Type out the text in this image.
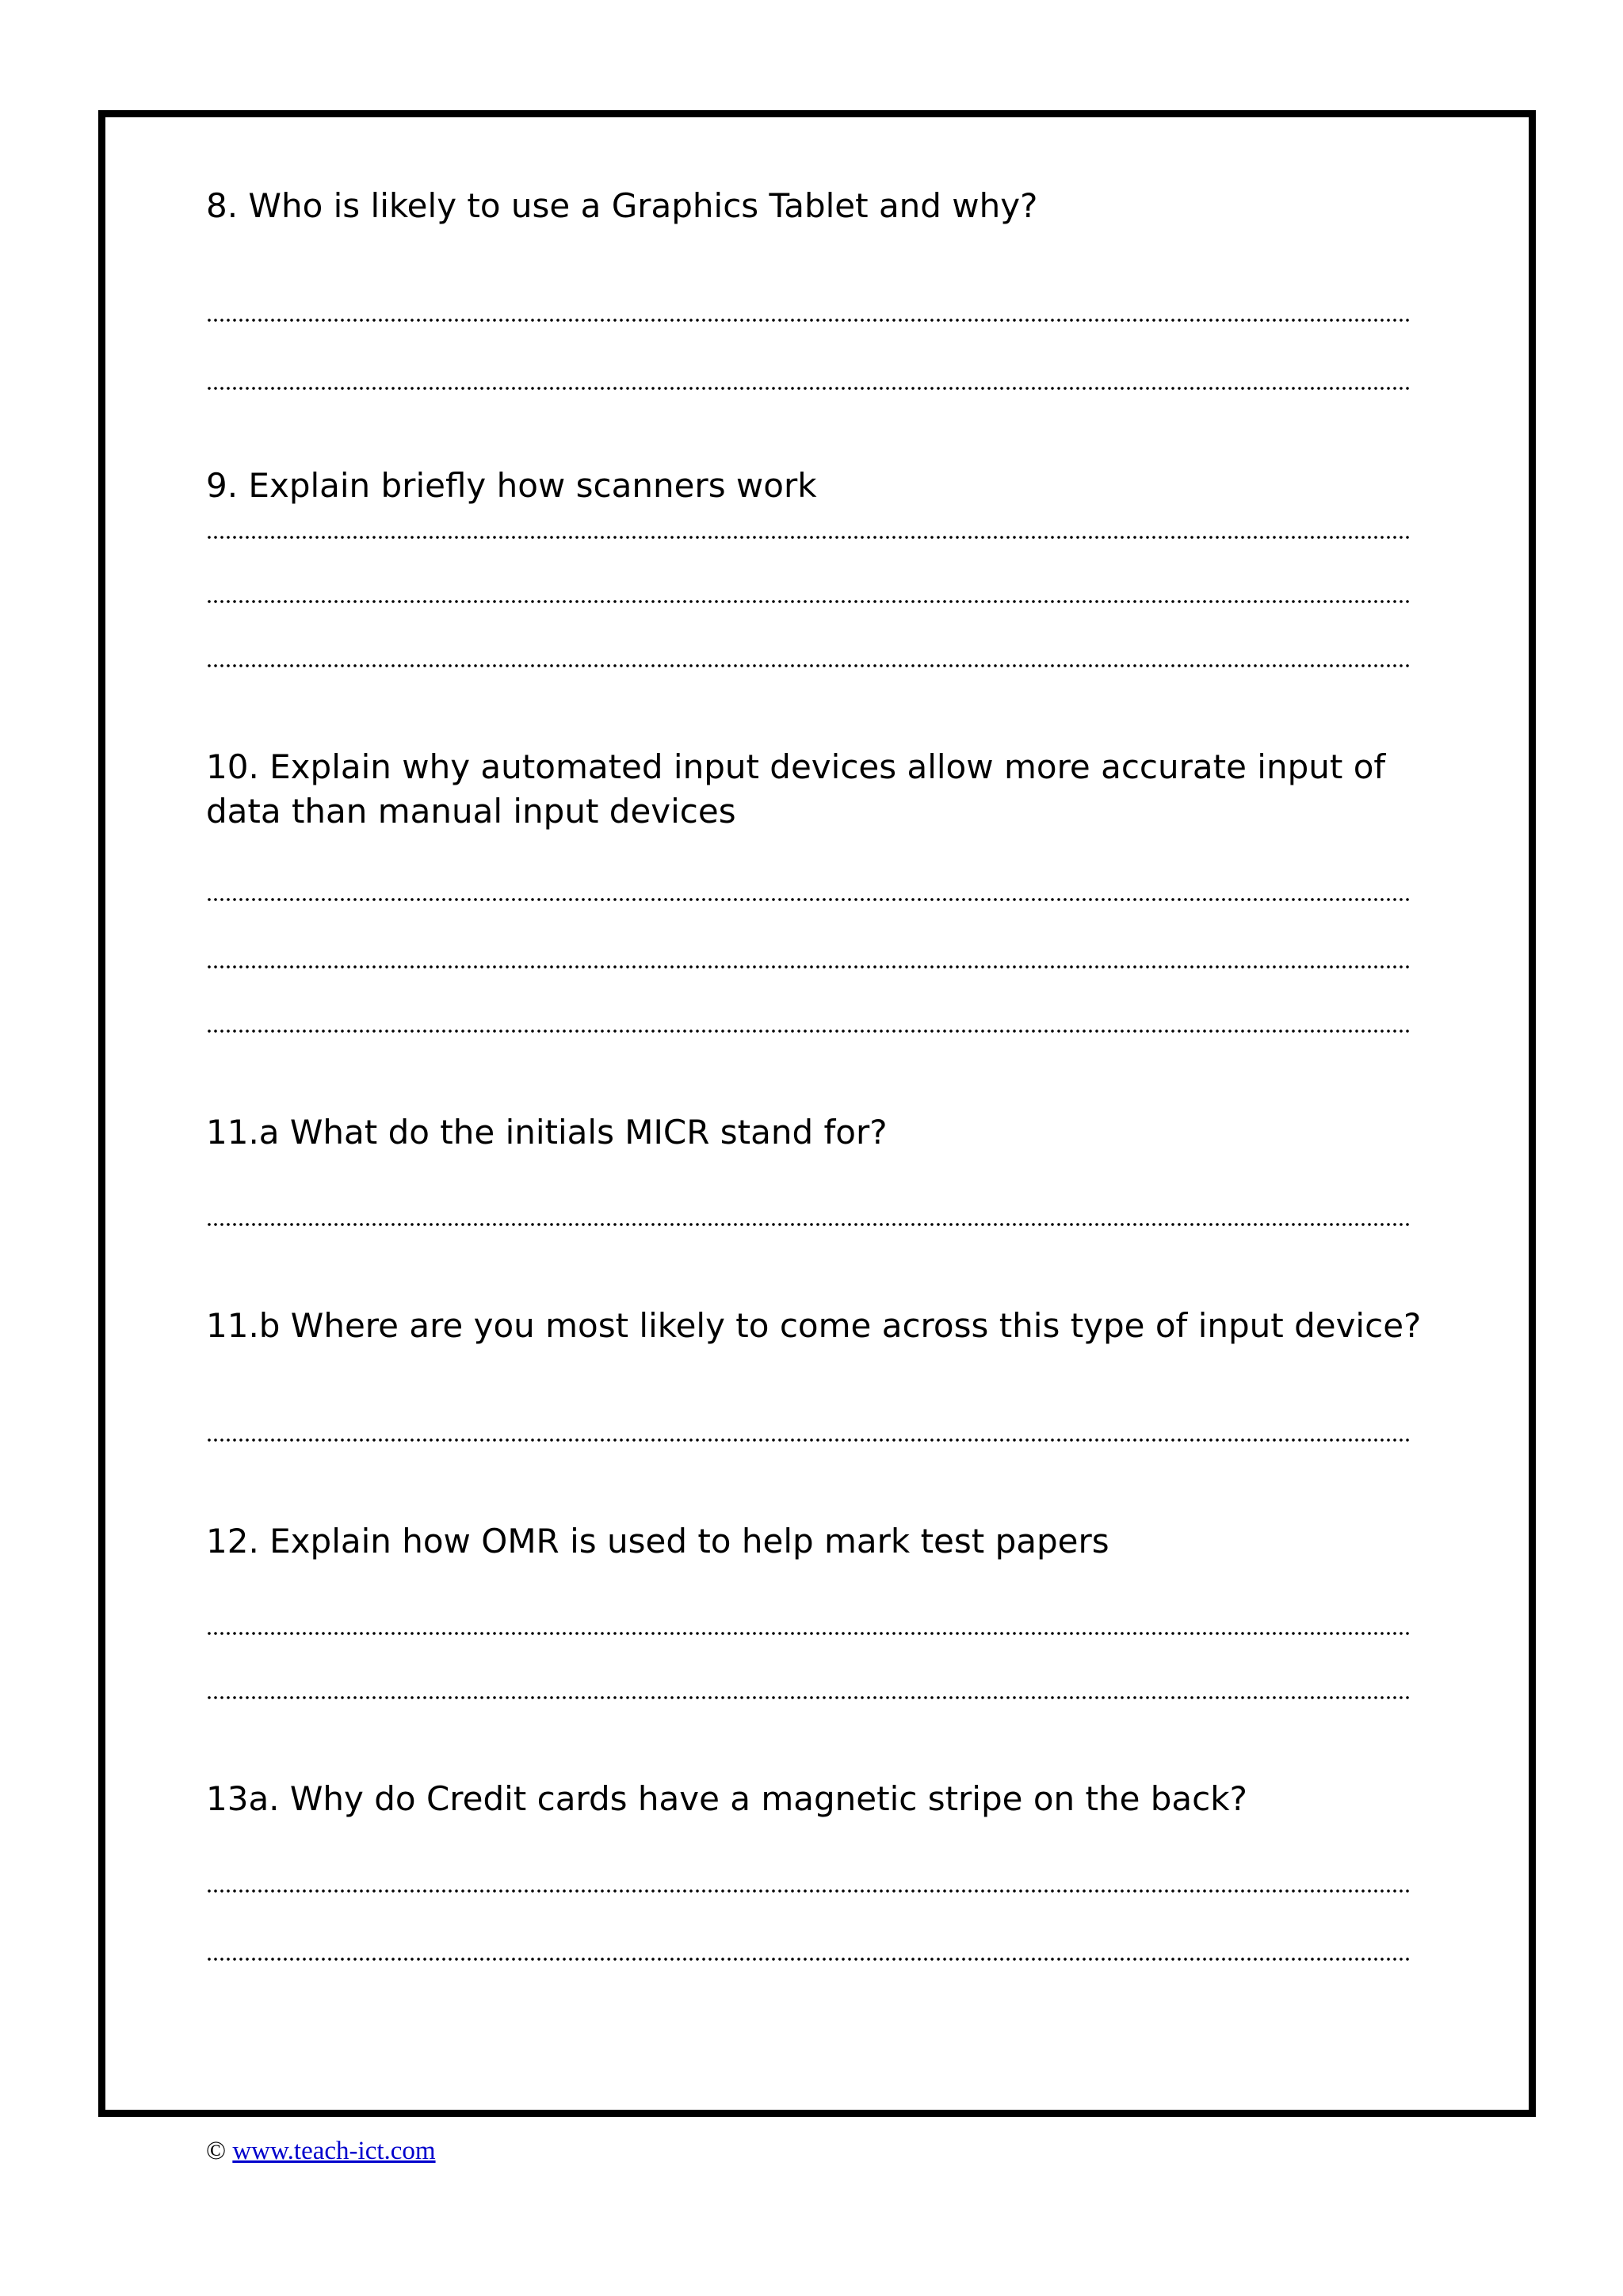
8. Who is likely to use a Graphics Tablet and why?
9. Explain briefly how scanners work
10. Explain why automated input devices allow more accurate input of data than manual input devices
11.a What do the initials MICR stand for?
11.b Where are you most likely to come across this type of input device?
12. Explain how OMR is used to help mark test papers
13a. Why do Credit cards have a magnetic stripe on the back?
© www.teach-ict.com
